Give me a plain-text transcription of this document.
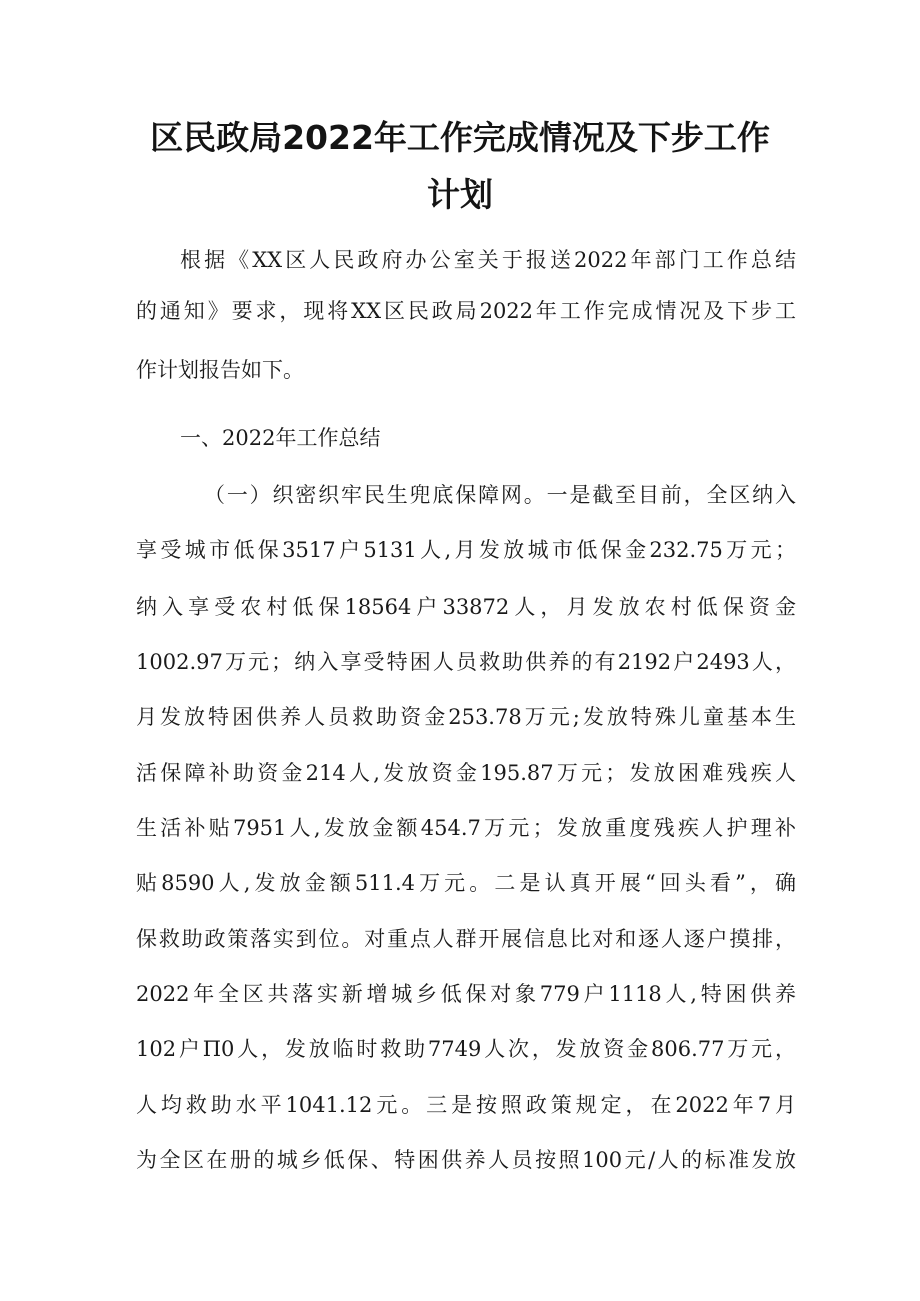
区民政局2022年工作完成情况及下步工作
计划
根据《XX区人民政府办公室关于报送2022年部门工作总结
的通知》要求，现将XX区民政局2022年工作完成情况及下步工
作计划报告如下。
一、2022年工作总结
（一）织密织牢民生兜底保障网。一是截至目前，全区纳入
享受城市低保3517户5131人,月发放城市低保金232.75万元；
纳入享受农村低保18564户33872人，月发放农村低保资金
1002.97万元；纳入享受特困人员救助供养的有2192户2493人，
月发放特困供养人员救助资金253.78万元;发放特殊儿童基本生
活保障补助资金214人,发放资金195.87万元；发放困难残疾人
生活补贴7951人,发放金额454.7万元；发放重度残疾人护理补
贴8590人,发放金额511.4万元。二是认真开展“回头看”，确
保救助政策落实到位。对重点人群开展信息比对和逐人逐户摸排，
2022年全区共落实新增城乡低保对象779户1118人,特困供养
102户Π0人，发放临时救助7749人次，发放资金806.77万元，
人均救助水平1041.12元。三是按照政策规定，在2022年7月
为全区在册的城乡低保、特困供养人员按照100元/人的标准发放
